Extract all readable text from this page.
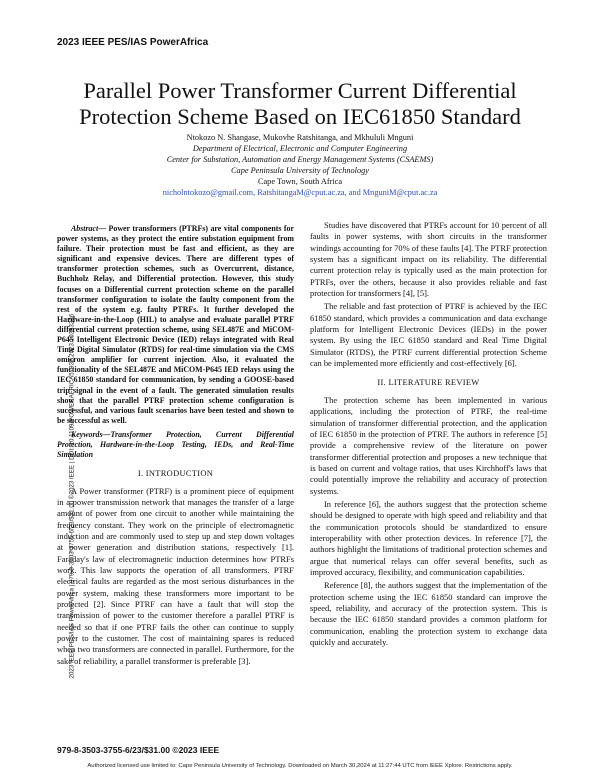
2023 IEEE PES/IAS PowerAfrica
Parallel Power Transformer Current Differential Protection Scheme Based on IEC61850 Standard
Ntokozo N. Shangase, Mukovhe Ratshitanga, and Mkhululi Mnguni
Department of Electrical, Electronic and Computer Engineering
Center for Substation, Automation and Energy Management Systems (CSAEMS)
Cape Peninsula University of Technology
Cape Town, South Africa
nicholntokozo@gmail.com, RatshitangaM@cput.ac.za, and MnguniM@cput.ac.za
2023 IEEE PES/IAS PowerAfrica | 979-8-3503-3755-6/23/$31.00 ©2023 IEEE | DOI: 10.1109/POWERAFRICA57932.2023.10363286

Abstract— Power transformers (PTRFs) are vital components for power systems, as they protect the entire substation equipment from failure. Their protection must be fast and efficient, as they are significant and expensive devices. There are different types of transformer protection schemes, such as Overcurrent, distance, Buchholz Relay, and Differential protection. However, this study focuses on a Differential current protection scheme on the parallel transformer configuration to isolate the faulty component from the rest of the system e.g. faulty PTRFs. It further developed the Hardware-in-the-Loop (HIL) to analyse and evaluate parallel PTRF differential current protection scheme, using SEL487E and MiCOM-P645 Intelligent Electronic Device (IED) relays integrated with Real Time Digital Simulator (RTDS) for real-time simulation via the CMS omicron amplifier for current injection. Also, it evaluated the functionality of the SEL487E and MiCOM-P645 IED relays using the IEC 61850 standard for communication, by sending a GOOSE-based trip signal in the event of a fault. The generated simulation results show that the parallel PTRF protection scheme configuration is successful, and various fault scenarios have been tested and shown to be successful as well.

Keywords—Transformer Protection, Current Differential Protection, Hardware-in-the-Loop Testing, IEDs, and Real-Time Simulation

I. INTRODUCTION

A Power transformer (PTRF) is a prominent piece of equipment in a power transmission network that manages the transfer of a large amount of power from one circuit to another while maintaining the frequency constant. They work on the principle of electromagnetic induction and are commonly used to step up and step down voltages at power generation and distribution stations, respectively [1]. Faraday's law of electromagnetic induction determines how PTRFs work. This law supports the operation of all transformers. PTRF electrical faults are regarded as the most serious disturbances in the power system, making these transformers more important to be protected [2]. Since PTRF can have a fault that will stop the transmission of power to the customer therefore a parallel PTRF is needed so that if one PTRF fails the other can continue to supply power to the customer. The cost of maintaining spares is reduced when two transformers are connected in parallel. Furthermore, for the sake of reliability, a parallel transformer is preferable [3].

Studies have discovered that PTRFs account for 10 percent of all faults in power systems, with short circuits in the transformer windings accounting for 70% of these faults [4]. The PTRF protection system has a significant impact on its reliability. The differential current protection relay is typically used as the main protection for PTRFs, over the others, because it also provides reliable and fast protection for transformers [4], [5].

The reliable and fast protection of PTRF is achieved by the IEC 61850 standard, which provides a communication and data exchange platform for Intelligent Electronic Devices (IEDs) in the power system. By using the IEC 61850 standard and Real Time Digital Simulator (RTDS), the PTRF current differential protection Scheme can be implemented more efficiently and cost-effectively [6].

II. LITERATURE REVIEW

The protection scheme has been implemented in various applications, including the protection of PTRF, the real-time simulation of transformer differential protection, and the application of IEC 61850 in the protection of PTRF. The authors in reference [5] provide a comprehensive review of the literature on power transformer differential protection and proposes a new technique that is based on current and voltage ratios, that uses Kirchhoff's laws that could potentially improve the reliability and accuracy of protection systems.

In reference [6], the authors suggest that the protection scheme should be designed to operate with high speed and reliability and that the communication protocols should be standardized to ensure interoperability with other protection devices. In reference [7], the authors highlight the limitations of traditional protection schemes and argue that numerical relays can offer several benefits, such as improved accuracy, flexibility, and communication capabilities.

Reference [8], the authors suggest that the implementation of the protection scheme using the IEC 61850 standard can improve the speed, reliability, and accuracy of the protection system. This is because the IEC 61850 standard provides a common platform for communication, enabling the protection system to exchange data quickly and accurately.

979-8-3503-3755-6/23/$31.00 ©2023 IEEE
Authorized licensed use limited to: Cape Peninsula University of Technology. Downloaded on March 30,2024 at 11:27:44 UTC from IEEE Xplore. Restrictions apply.
